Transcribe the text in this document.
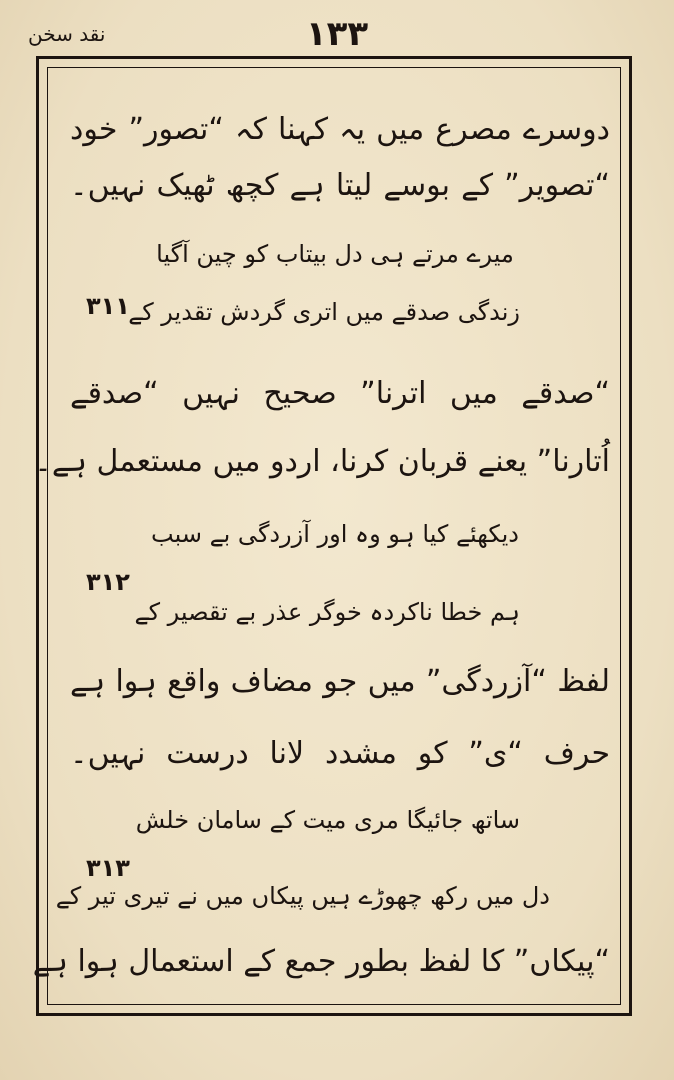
۱۳۳
نقد سخن
دوسرے مصرع میں یہ کہنا کہ “تصور” خود
“تصویر” کے بوسے لیتا ہے کچھ ٹھیک نہیں۔
میرے مرتے ہی دل بیتاب کو چین آگیا
۳۱۱
زندگی صدقے میں اتری گردش تقدیر کے
“صدقے میں اترنا” صحیح نہیں “صدقے
اُتارنا” یعنے قربان کرنا، اردو میں مستعمل ہے۔
دیکھئے کیا ہو وہ اور آزردگی بے سبب
۳۱۲
ہم خطا ناکردہ خوگر عذر بے تقصیر کے
لفظ “آزردگی” میں جو مضاف واقع ہوا ہے
حرف “ی” کو مشدد لانا درست نہیں۔
ساتھ جائیگا مری میت کے سامان خلش
۳۱۳
دل میں رکھ چھوڑے ہیں پیکاں میں نے تیری تیر کے
“پیکاں” کا لفظ بطور جمع کے استعمال ہوا ہے
